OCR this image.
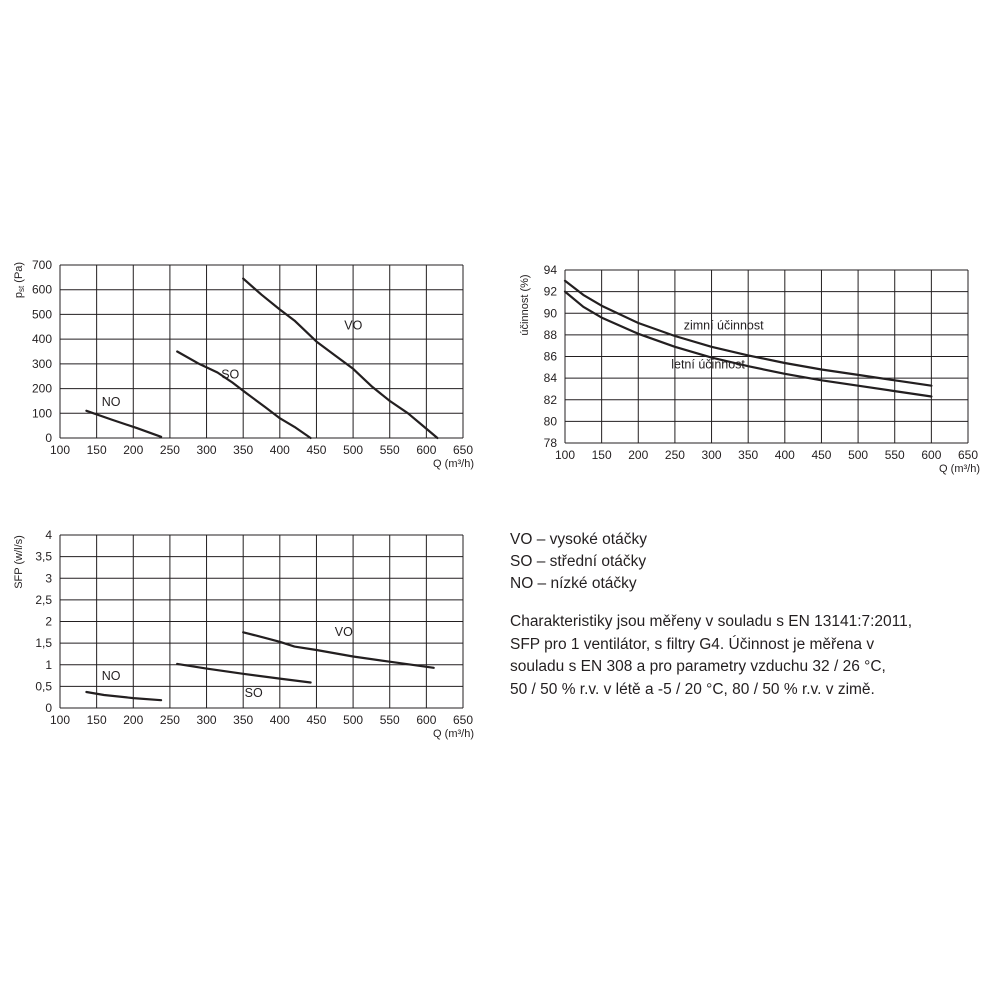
100 150 200 250 300 350 400 450 500 550 600 650
0
100
200
300
400
500
600
700
Q (m³/h)
pst (Pa)
NO
SO
VO
100 150 200 250 300 350 400 450 500 550 600 650
78
80
82
84
86
88
90
92
94
Q (m³/h)
účinnost (%)	zimní účinnost
letní účinnost
100 150 200 250 300 350 400 450 500 550 600 650
0
0,5
1
1,5
2
2,5
3
3,5
4
Q (m³/h)
SFP (w/l/s)
NO
SO
VO
VO – vysoké otáčky
SO – střední otáčky
NO – nízké otáčky
Charakteristiky jsou měřeny v souladu s EN 13141:7:2011,
SFP pro 1 ventilátor, s filtry G4. Účinnost je měřena v
souladu s EN 308 a pro parametry vzduchu 32 / 26 °C,
50 / 50 % r.v. v létě a -5 / 20 °C, 80 / 50 % r.v. v zimě.
